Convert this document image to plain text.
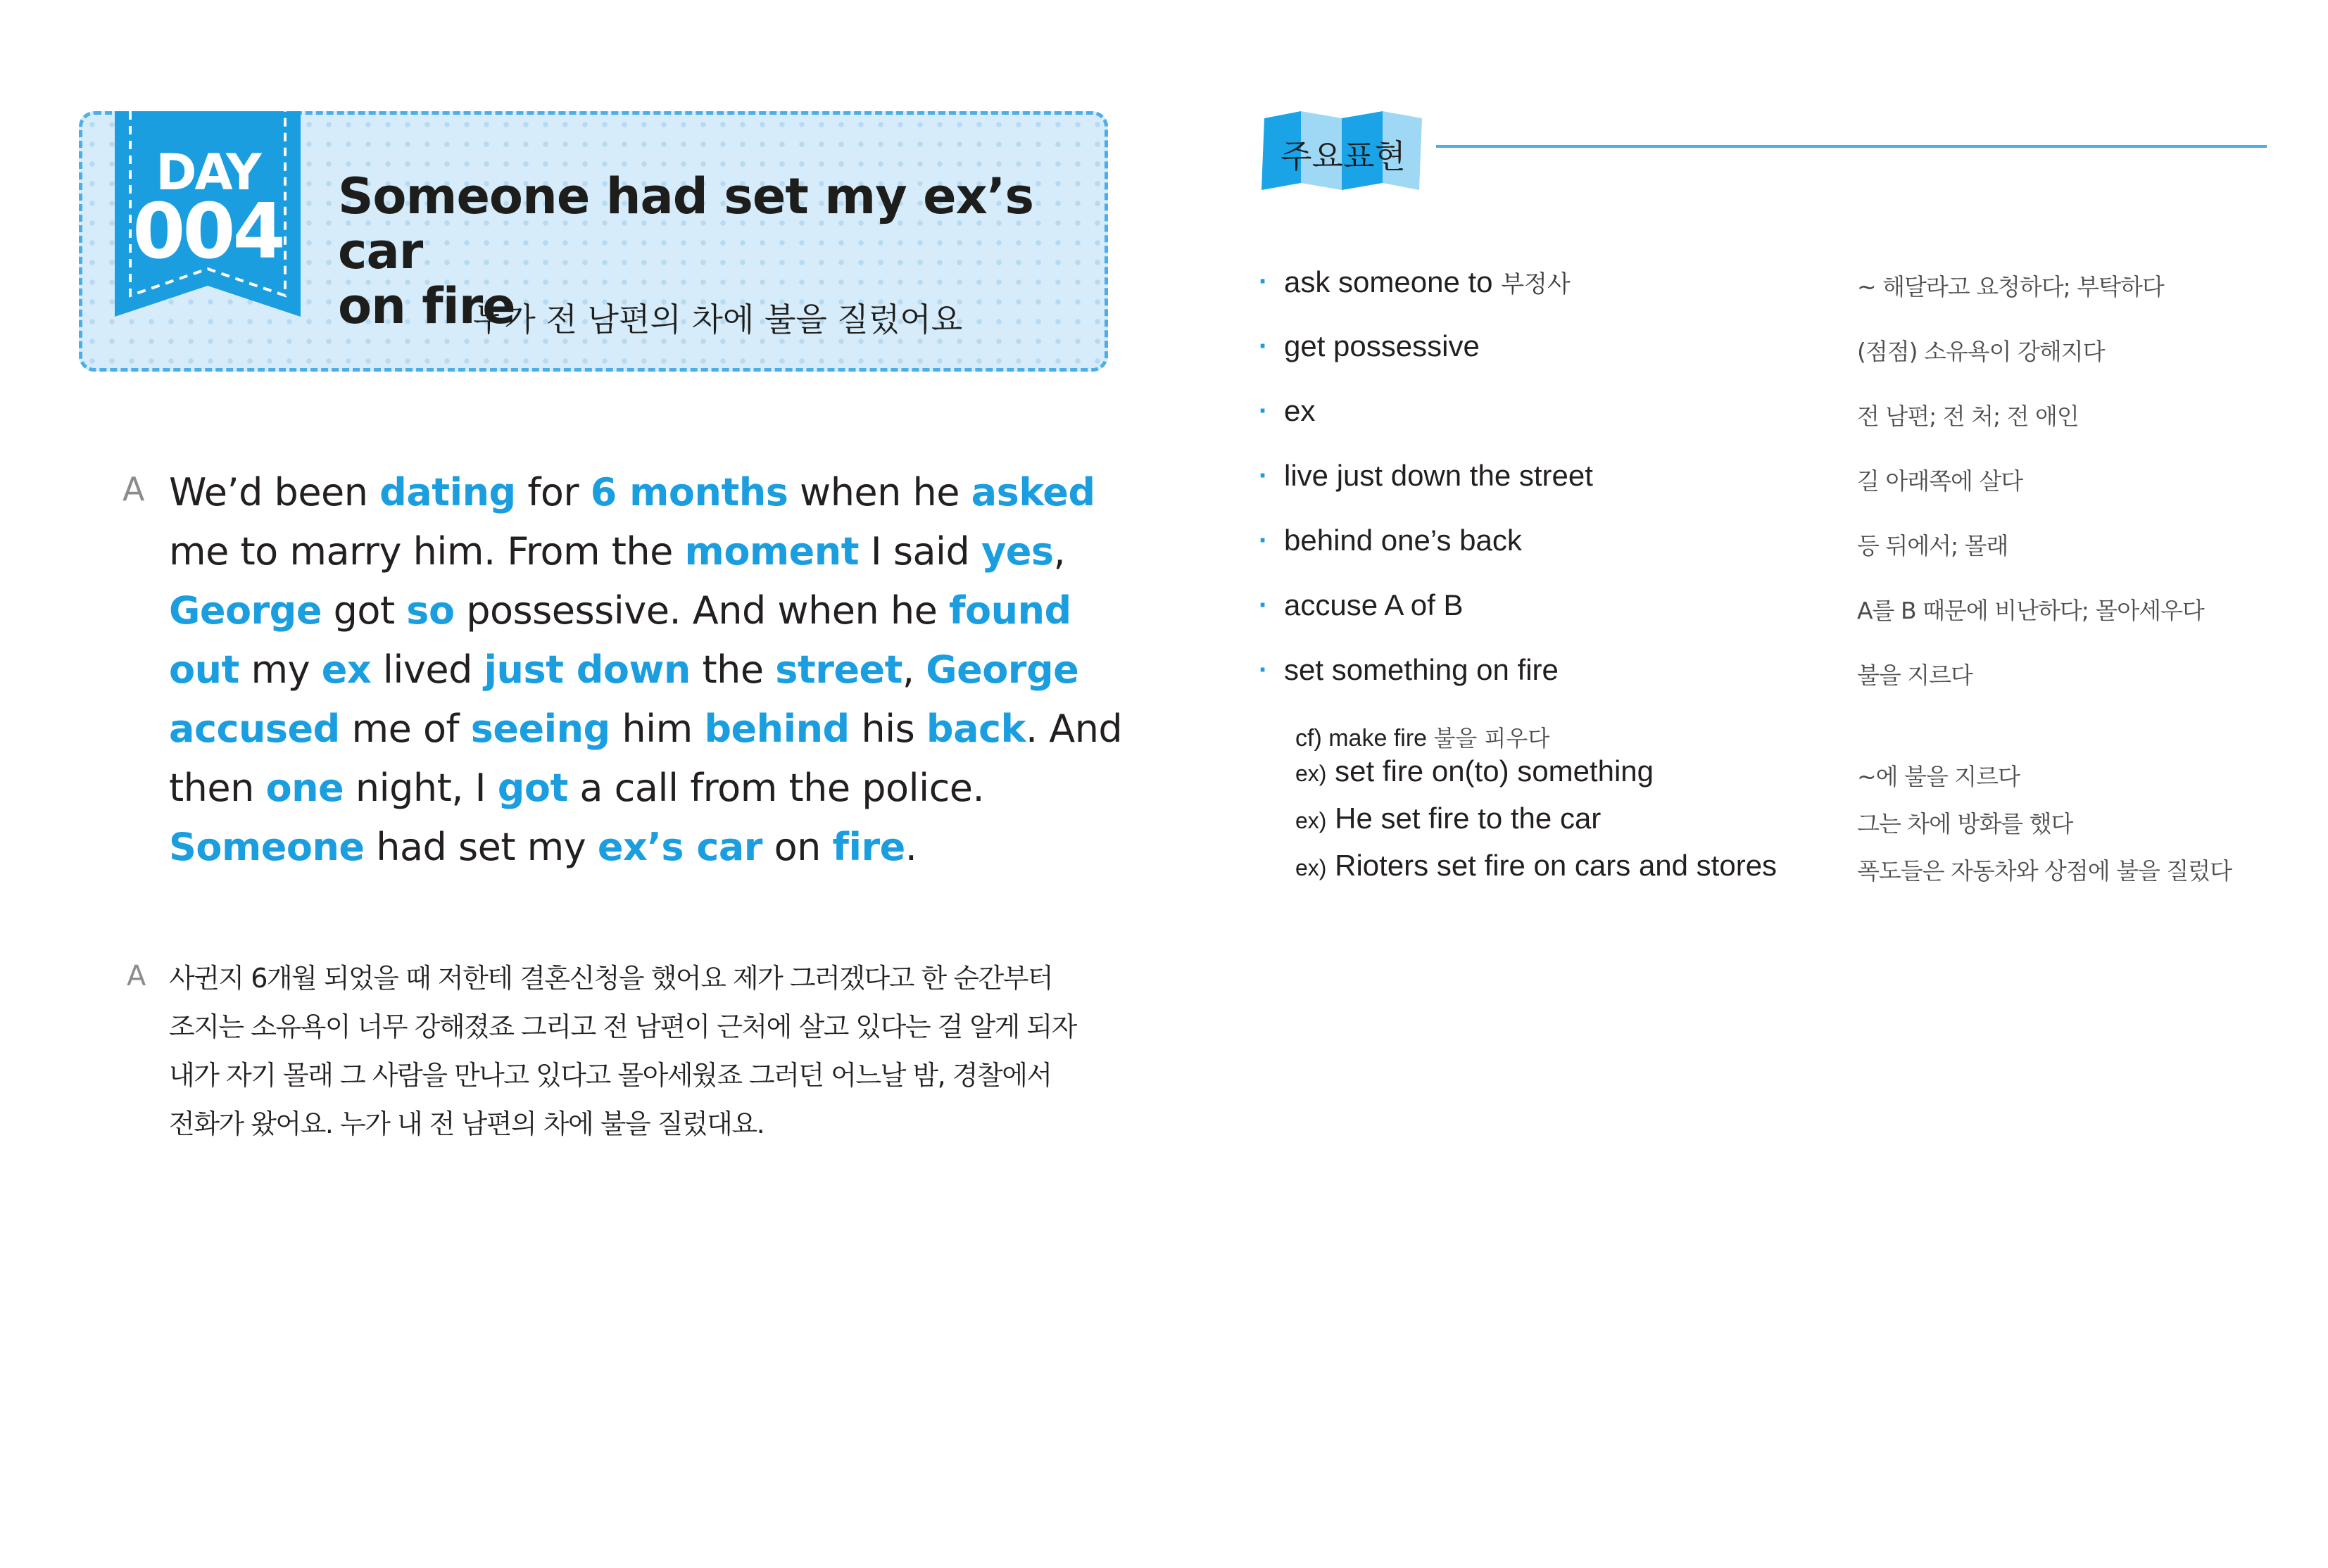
DAY
004	Someone had set my ex’s car
on fire

누가 전 남편의 차에 불을 질렀어요

A We’d been dating for 6 months when he asked me to marry him. From the moment I said yes, George got so possessive. And when he found out my ex lived just down the street, George accused me of seeing him behind his back. And then one night, I got a call from the police. Someone had set my ex’s car on fire.

A 사귄지 6개월 되었을 때 저한테 결혼신청을 했어요 제가 그러겠다고 한 순간부터
조지는 소유욕이 너무 강해졌죠 그리고 전 남편이 근처에 살고 있다는 걸 알게 되자
내가 자기 몰래 그 사람을 만나고 있다고 몰아세웠죠 그러던 어느날 밤, 경찰에서
전화가 왔어요. 누가 내 전 남편의 차에 불을 질렀대요.

주요표현
· ask someone to 부정사	~ 해달라고 요청하다; 부탁하다
· get possessive	(점점) 소유욕이 강해지다
· ex	전 남편; 전 처; 전 애인
· live just down the street	길 아래쪽에 살다
· behind one’s back	등 뒤에서; 몰래
· accuse A of B	A를 B 때문에 비난하다; 몰아세우다
· set something on fire	불을 지르다
cf) make fire 불을 피우다
ex) set fire on(to) something	~에 불을 지르다
ex) He set fire to the car	그는 차에 방화를 했다
ex) Rioters set fire on cars and stores	폭도들은 자동차와 상점에 불을 질렀다
